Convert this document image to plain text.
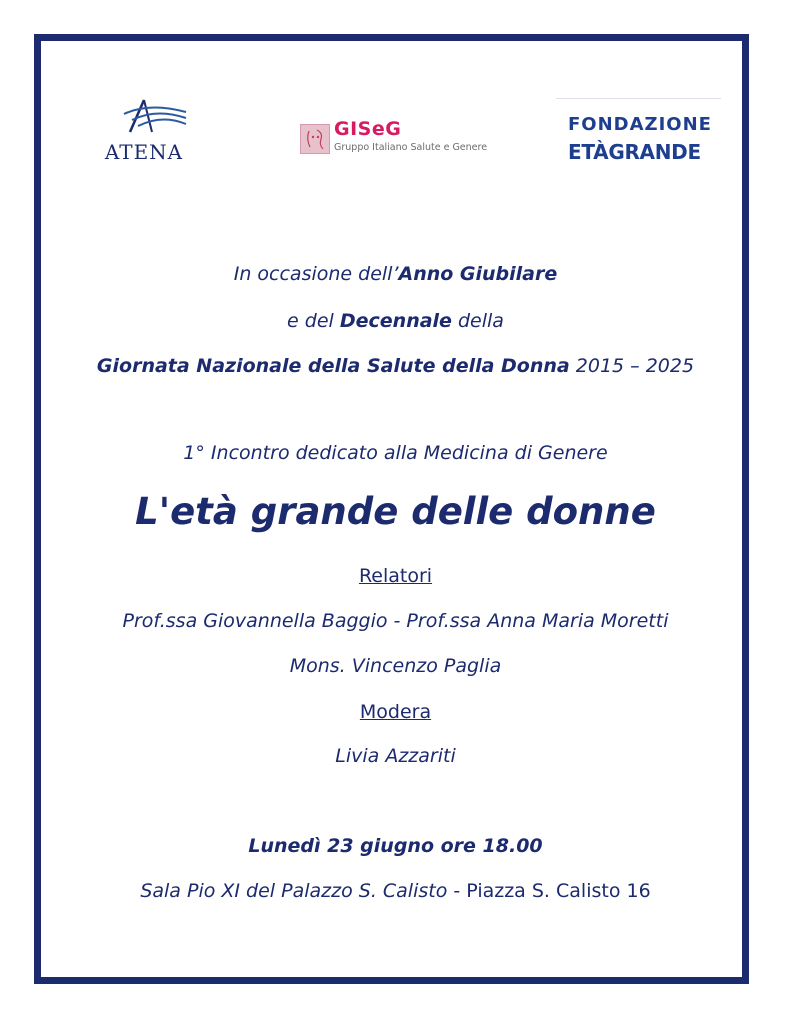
ATENA
GISeG
Gruppo Italiano Salute e Genere
FONDAZIONE
ETÀGRANDE
In occasione dell’Anno Giubilare
e del Decennale della
Giornata Nazionale della Salute della Donna 2015 – 2025
1° Incontro dedicato alla Medicina di Genere
L'età grande delle donne
Relatori
Prof.ssa Giovannella Baggio - Prof.ssa Anna Maria Moretti
Mons. Vincenzo Paglia
Modera
Livia Azzariti
Lunedì 23 giugno ore 18.00
Sala Pio XI del Palazzo S. Calisto - Piazza S. Calisto 16
